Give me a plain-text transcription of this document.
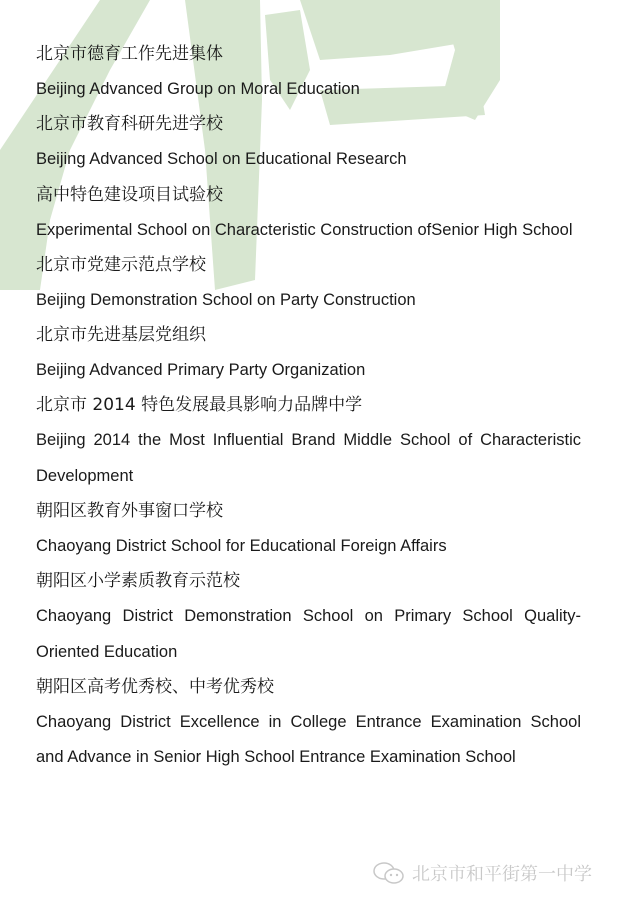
北京市德育工作先进集体
Beijing Advanced Group on Moral Education
北京市教育科研先进学校
Beijing Advanced School on Educational Research
高中特色建设项目试验校
Experimental School on Characteristic Construction ofSenior High School
北京市党建示范点学校
Beijing Demonstration School on Party Construction
北京市先进基层党组织
Beijing Advanced Primary Party Organization
北京市 2014 特色发展最具影响力品牌中学
Beijing 2014 the Most Influential Brand Middle School of Characteristic Development
朝阳区教育外事窗口学校
Chaoyang District School for Educational Foreign Affairs
朝阳区小学素质教育示范校
Chaoyang District Demonstration School on Primary School Quality-Oriented Education
朝阳区高考优秀校、中考优秀校
Chaoyang District Excellence in College Entrance Examination School and Advance in Senior High School Entrance Examination School
北京市和平街第一中学
